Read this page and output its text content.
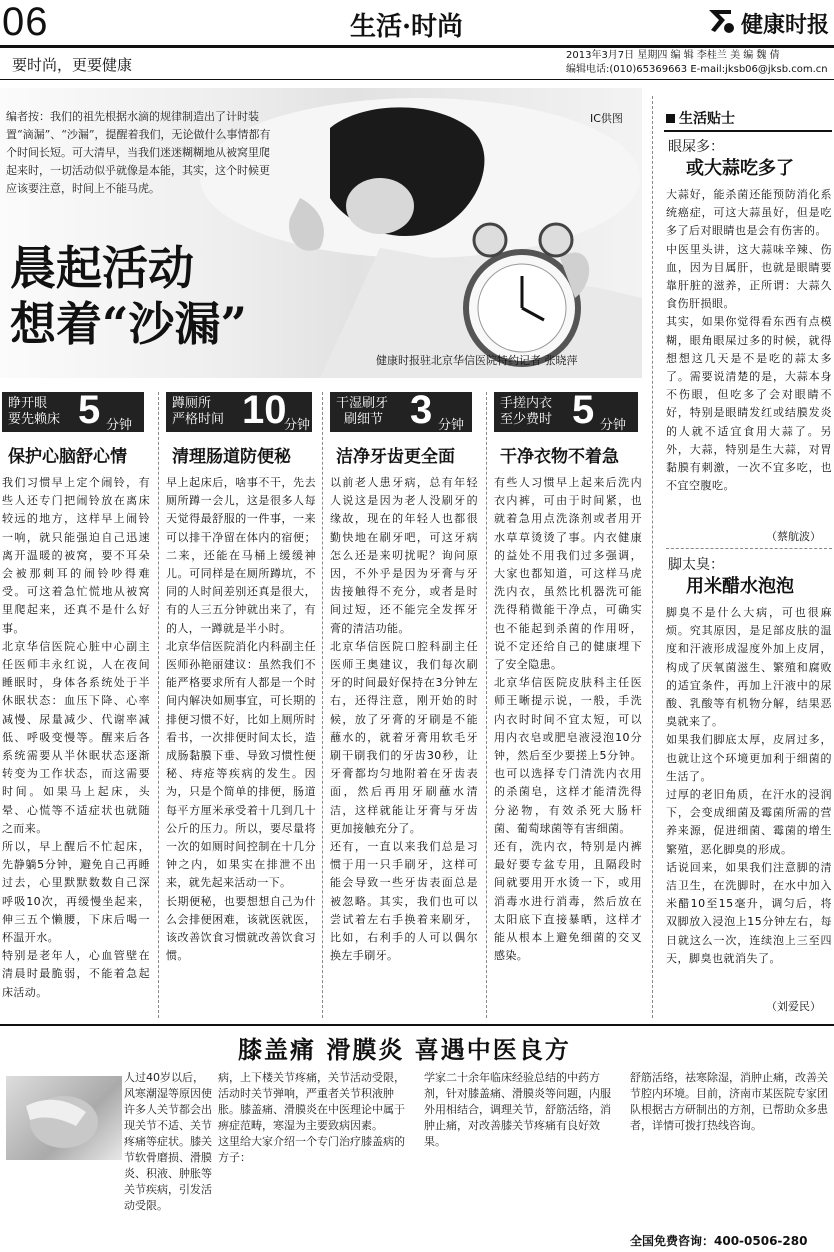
06	生活·时尚	健康时报
要时尚，更要健康
2013年3月7日 星期四 编 辑 李桂兰 美 编 魏 倩
编辑电话:(010)65369663 E-mail:jksb06@jksb.com.cn
编者按：我们的祖先根据水滴的规律制造出了计时装置“滴漏”、“沙漏”，提醒着我们，无论做什么事情都有个时间长短。可大清早，当我们迷迷糊糊地从被窝里爬起来时，一切活动似乎就像是本能，其实，这个时候更应该要注意，时间上不能马虎。
IC供图
晨起活动
想着“沙漏”
健康时报驻北京华信医院特约记者 张晓萍
睁开眼
要先赖床 5 分钟
保护心脑舒心情
我们习惯早上定个闹铃，有些人还专门把闹铃放在离床较远的地方，这样早上闹铃一响，就只能强迫自己迅速离开温暖的被窝，要不耳朵会被那刺耳的闹铃吵得难受。可这着急忙慌地从被窝里爬起来，还真不是什么好事。
北京华信医院心脏中心副主任医师丰永红说，人在夜间睡眠时，身体各系统处于半休眠状态：血压下降、心率减慢、尿量减少、代谢率减低、呼吸变慢等。醒来后各系统需要从半休眠状态逐渐转变为工作状态，而这需要时间。如果马上起床，头晕、心慌等不适症状也就随之而来。
所以，早上醒后不忙起床，先静躺5分钟，避免自己再睡过去，心里默默数数自己深呼吸10次，再缓慢坐起来，伸三五个懒腰，下床后喝一杯温开水。
特别是老年人，心血管壁在清晨时最脆弱，不能着急起床活动。
蹲厕所
严格时间 10
分钟
清理肠道防便秘
早上起床后，啥事不干，先去厕所蹲一会儿，这是很多人每天觉得最舒服的一件事，一来可以排干净留在体内的宿便；二来，还能在马桶上缓缓神儿。可同样是在厕所蹲坑，不同的人时间差别还真是很大，有的人三五分钟就出来了，有的人，一蹲就是半小时。
北京华信医院消化内科副主任医师孙艳丽建议：虽然我们不能严格要求所有人都是一个时间内解决如厕事宜，可长期的排便习惯不好，比如上厕所时看书，一次排便时间太长，造成肠黏膜下垂、导致习惯性便秘、痔疮等疾病的发生。因为，只是个简单的排便，肠道每平方厘米承受着十几到几十公斤的压力。所以，要尽量将一次的如厕时间控制在十几分钟之内，如果实在排泄不出来，就先起来活动一下。
长期便秘，也要想想自己为什么会排便困难，该就医就医，该改善饮食习惯就改善饮食习惯。
干湿刷牙
刷细节 3 分钟
洁净牙齿更全面
以前老人患牙病，总有年轻人说这是因为老人没刷牙的缘故，现在的年轻人也都很勤快地在刷牙吧，可这牙病怎么还是来叨扰呢？询问原因，不外乎是因为牙膏与牙齿接触得不充分，或者是时间过短，还不能完全发挥牙膏的清洁功能。
北京华信医院口腔科副主任医师王奥建议，我们每次刷牙的时间最好保持在3分钟左右，还得注意，刚开始的时候，放了牙膏的牙刷是不能蘸水的，就着牙膏用软毛牙刷干刷我们的牙齿30秒，让牙膏都均匀地附着在牙齿表面，然后再用牙刷蘸水清洁，这样就能让牙膏与牙齿更加接触充分了。
还有，一直以来我们总是习惯于用一只手刷牙，这样可能会导致一些牙齿表面总是被忽略。其实，我们也可以尝试着左右手换着来刷牙，比如，右利手的人可以偶尔换左手刷牙。
手搓内衣
至少费时 5 分钟
干净衣物不着急
有些人习惯早上起来后洗内衣内裤，可由于时间紧，也就着急用点洗涤剂或者用开水草草烫烫了事。内衣健康的益处不用我们过多强调，大家也都知道，可这样马虎洗内衣，虽然比机器洗可能洗得稍微能干净点，可确实也不能起到杀菌的作用呀，说不定还给自己的健康埋下了安全隐患。
北京华信医院皮肤科主任医师王晰提示说，一般，手洗内衣时时间不宜太短，可以用内衣皂或肥皂液浸泡10分钟，然后至少要搓上5分钟。也可以选择专门清洗内衣用的杀菌皂，这样才能清洗得分泌物，有效杀死大肠杆菌、葡萄球菌等有害细菌。
还有，洗内衣，特别是内裤最好要专盆专用，且隔段时间就要用开水烫一下，或用消毒水进行消毒，然后放在太阳底下直接暴晒，这样才能从根本上避免细菌的交叉感染。
生活贴士
眼屎多：
或大蒜吃多了
大蒜好，能杀菌还能预防消化系统癌症，可这大蒜虽好，但是吃多了后对眼睛也是会有伤害的。
中医里头讲，这大蒜味辛辣、伤血，因为目属肝，也就是眼睛要靠肝脏的滋养，正所谓：大蒜久食伤肝损眼。
其实，如果你觉得看东西有点模糊，眼角眼屎过多的时候，就得想想这几天是不是吃的蒜太多了。需要说清楚的是，大蒜本身不伤眼，但吃多了会对眼睛不好，特别是眼睛发红或结膜发炎的人就不适宜食用大蒜了。另外，大蒜，特别是生大蒜，对胃黏膜有刺激，一次不宜多吃，也不宜空腹吃。
（蔡航波）
脚太臭：
用米醋水泡泡
脚臭不是什么大病，可也很麻烦。究其原因，是足部皮肤的温度和汗液形成湿度外加上皮屑，构成了厌氧菌滋生、繁殖和腐败的适宜条件，再加上汗液中的尿酸、乳酸等有机物分解，结果恶臭就来了。
如果我们脚底太厚，皮屑过多，也就让这个环境更加利于细菌的生活了。
过厚的老旧角质，在汗水的浸润下，会变成细菌及霉菌所需的营养来源，促进细菌、霉菌的增生繁殖，恶化脚臭的形成。
话说回来，如果我们注意脚的清洁卫生，在洗脚时，在水中加入米醋10至15毫升，调匀后，将双脚放入浸泡上15分钟左右，每日就这么一次，连续泡上三至四天，脚臭也就消失了。
（刘爱民）
膝盖痛 滑膜炎 喜遇中医良方
人过40岁以后，风寒潮湿等原因使许多人关节都会出现关节不适、关节疼痛等症状。膝关节软骨磨损、滑膜炎、积液、肿胀等关节疾病，引发活动受限。
病，上下楼关节疼痛，关节活动受限，活动时关节弹响，严重者关节积液肿胀。膝盖痛、滑膜炎在中医理论中属于痹症范畴，寒湿为主要致病因素。
这里给大家介绍一个专门治疗膝盖病的方子：
学家二十余年临床经验总结的中药方剂，针对膝盖痛、滑膜炎等问题，内服外用相结合，调理关节，舒筋活络，消肿止痛，对改善膝关节疼痛有良好效果。
舒筋活络，祛寒除湿，消肿止痛，改善关节腔内环境。目前，济南市某医院专家团队根据古方研制出的方剂，已帮助众多患者，详情可拨打热线咨询。
全国免费咨询：400-0506-280
